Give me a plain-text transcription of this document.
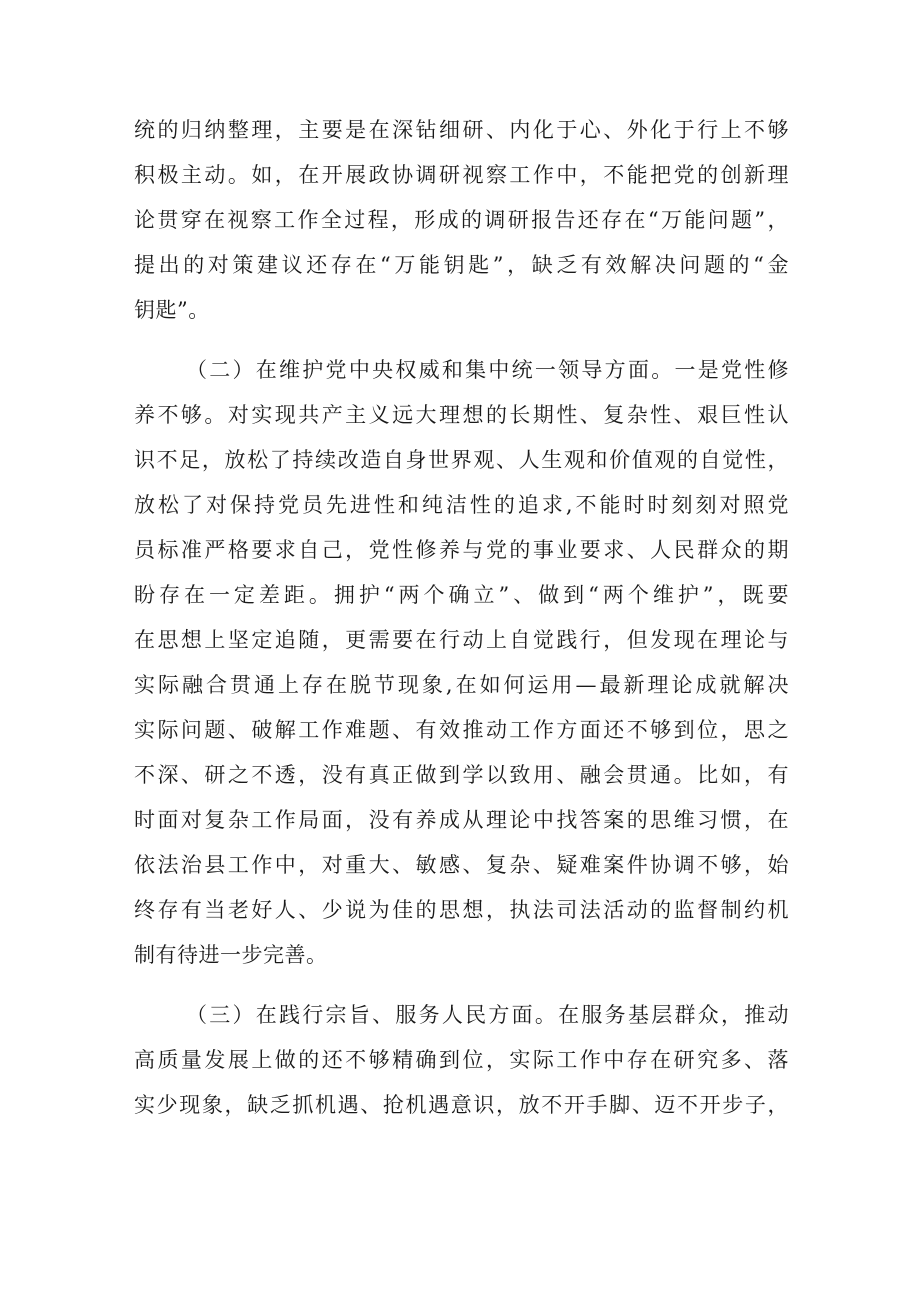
统的归纳整理，主要是在深钻细研、内化于心、外化于行上不够
积极主动。如，在开展政协调研视察工作中，不能把党的创新理
论贯穿在视察工作全过程，形成的调研报告还存在“万能问题”，
提出的对策建议还存在“万能钥匙”，缺乏有效解决问题的“金
钥匙”。
（二）在维护党中央权威和集中统一领导方面。一是党性修
养不够。对实现共产主义远大理想的长期性、复杂性、艰巨性认
识不足，放松了持续改造自身世界观、人生观和价值观的自觉性，
放松了对保持党员先进性和纯洁性的追求,不能时时刻刻对照党
员标准严格要求自己，党性修养与党的事业要求、人民群众的期
盼存在一定差距。拥护“两个确立”、做到“两个维护”，既要
在思想上坚定追随，更需要在行动上自觉践行，但发现在理论与
实际融合贯通上存在脱节现象,在如何运用—最新理论成就解决
实际问题、破解工作难题、有效推动工作方面还不够到位，思之
不深、研之不透，没有真正做到学以致用、融会贯通。比如，有
时面对复杂工作局面，没有养成从理论中找答案的思维习惯，在
依法治县工作中，对重大、敏感、复杂、疑难案件协调不够，始
终存有当老好人、少说为佳的思想，执法司法活动的监督制约机
制有待进一步完善。
（三）在践行宗旨、服务人民方面。在服务基层群众，推动
高质量发展上做的还不够精确到位，实际工作中存在研究多、落
实少现象，缺乏抓机遇、抢机遇意识，放不开手脚、迈不开步子，
